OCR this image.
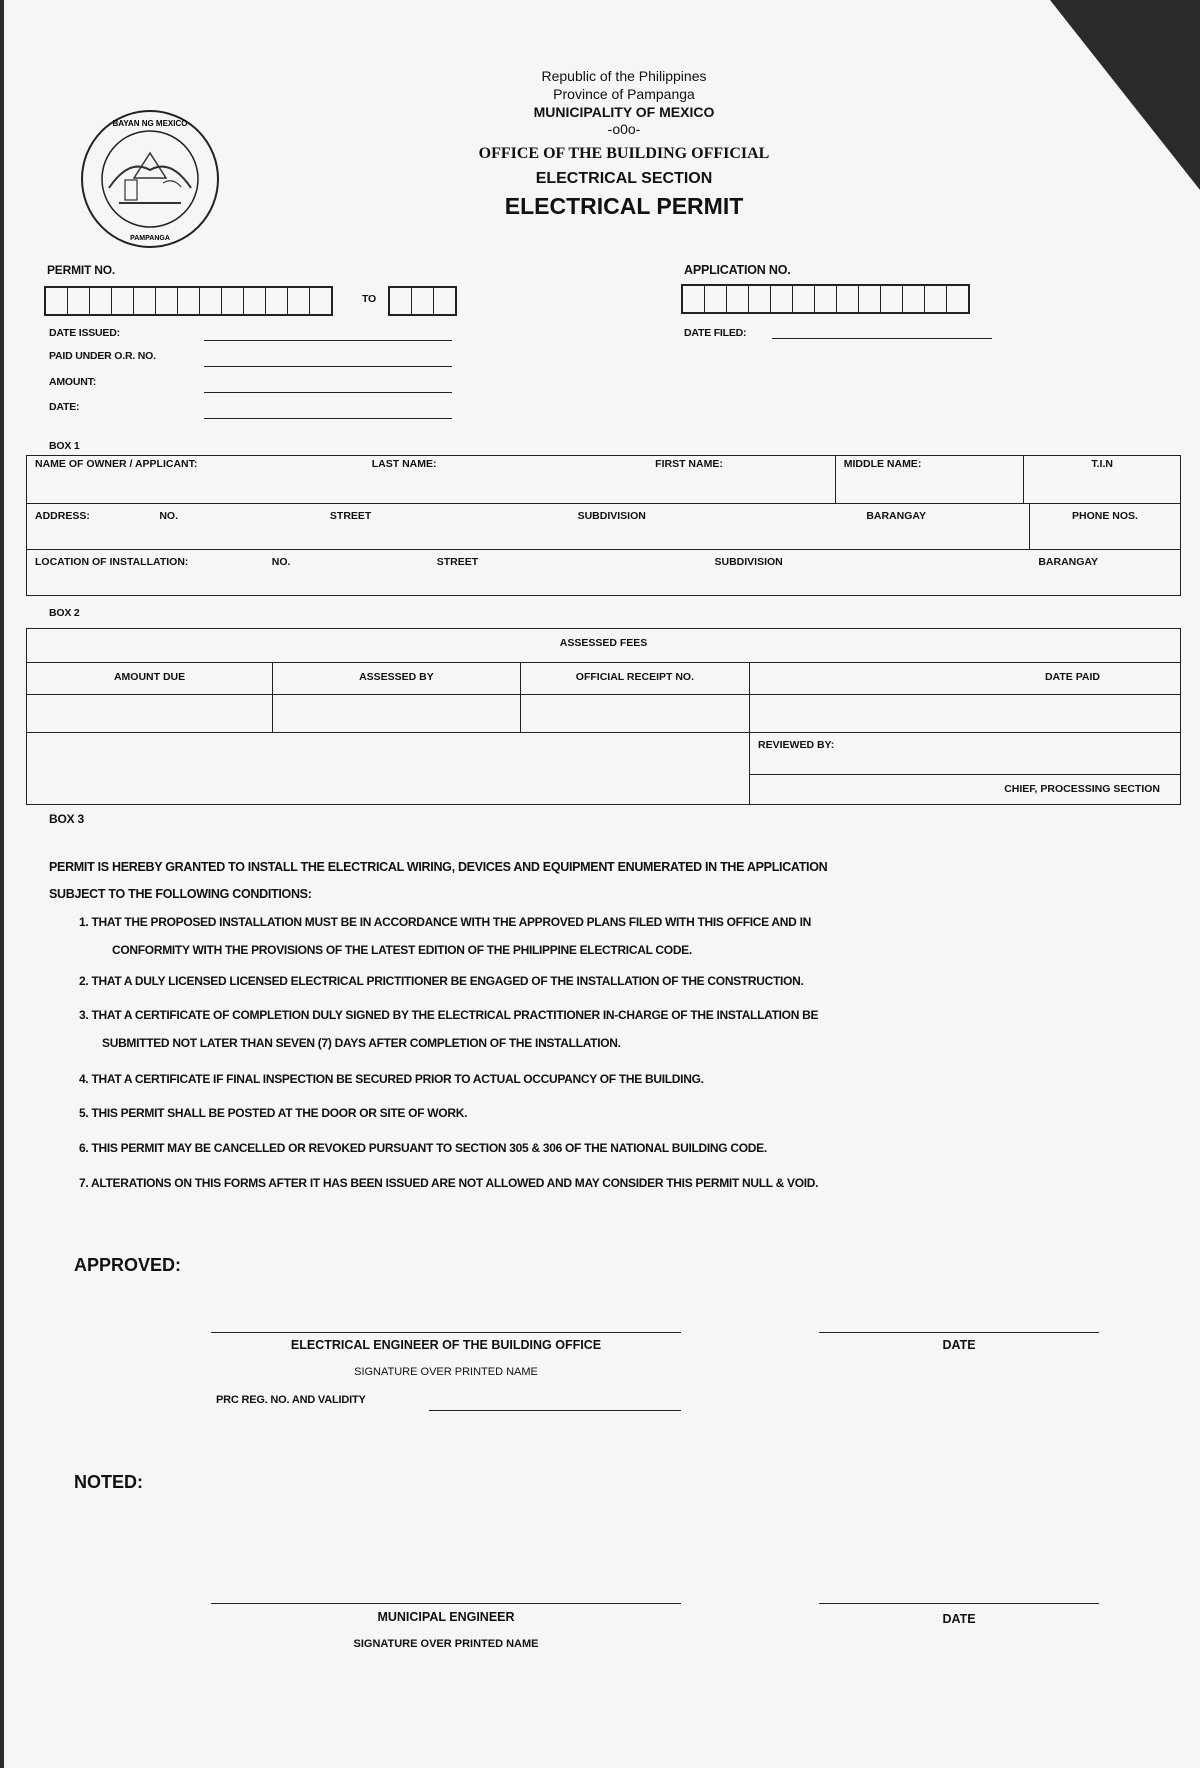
BAYAN NG MEXICO
PAMPANGA
Republic of the Philippines
Province of Pampanga
MUNICIPALITY OF MEXICO
-o0o-
OFFICE OF THE BUILDING OFFICIAL
ELECTRICAL SECTION
ELECTRICAL PERMIT
PERMIT NO.
TO
APPLICATION NO.
DATE ISSUED:
PAID UNDER O.R. NO.
AMOUNT:
DATE:
DATE FILED:
BOX 1
NAME OF OWNER / APPLICANT:	LAST NAME:	FIRST NAME:	MIDDLE NAME:	T.I.N
ADDRESS:	NO.	STREET	SUBDIVISION	BARANGAY	PHONE NOS.
LOCATION OF INSTALLATION:	NO.	STREET	SUBDIVISION	BARANGAY
BOX 2
ASSESSED FEES			
AMOUNT DUE	ASSESSED BY	OFFICIAL RECEIPT NO.	DATE PAID

			REVIEWED BY:
			CHIEF, PROCESSING SECTION
BOX 3
PERMIT IS HEREBY GRANTED TO INSTALL THE ELECTRICAL WIRING, DEVICES AND EQUIPMENT ENUMERATED IN THE APPLICATION
SUBJECT TO THE FOLLOWING CONDITIONS:
1. THAT THE PROPOSED INSTALLATION MUST BE IN ACCORDANCE WITH THE APPROVED PLANS FILED WITH THIS OFFICE AND IN
CONFORMITY WITH THE PROVISIONS OF THE LATEST EDITION OF THE PHILIPPINE ELECTRICAL CODE.
2. THAT A DULY LICENSED LICENSED ELECTRICAL PRICTITIONER BE ENGAGED OF THE INSTALLATION OF THE CONSTRUCTION.
3. THAT A CERTIFICATE OF COMPLETION DULY SIGNED BY THE ELECTRICAL PRACTITIONER IN-CHARGE OF THE INSTALLATION BE
SUBMITTED NOT LATER THAN SEVEN (7) DAYS AFTER COMPLETION OF THE INSTALLATION.
4. THAT A CERTIFICATE IF FINAL INSPECTION BE SECURED PRIOR TO ACTUAL OCCUPANCY OF THE BUILDING.
5. THIS PERMIT SHALL BE POSTED AT THE DOOR OR SITE OF WORK.
6. THIS PERMIT MAY BE CANCELLED OR REVOKED PURSUANT TO SECTION 305 & 306 OF THE NATIONAL BUILDING CODE.
7. ALTERATIONS ON THIS FORMS AFTER IT HAS BEEN ISSUED ARE NOT ALLOWED AND MAY CONSIDER THIS PERMIT NULL & VOID.
APPROVED:
ELECTRICAL ENGINEER OF THE BUILDING OFFICE
SIGNATURE OVER PRINTED NAME
DATE
PRC REG. NO. AND VALIDITY
NOTED:
MUNICIPAL ENGINEER
SIGNATURE OVER PRINTED NAME
DATE
